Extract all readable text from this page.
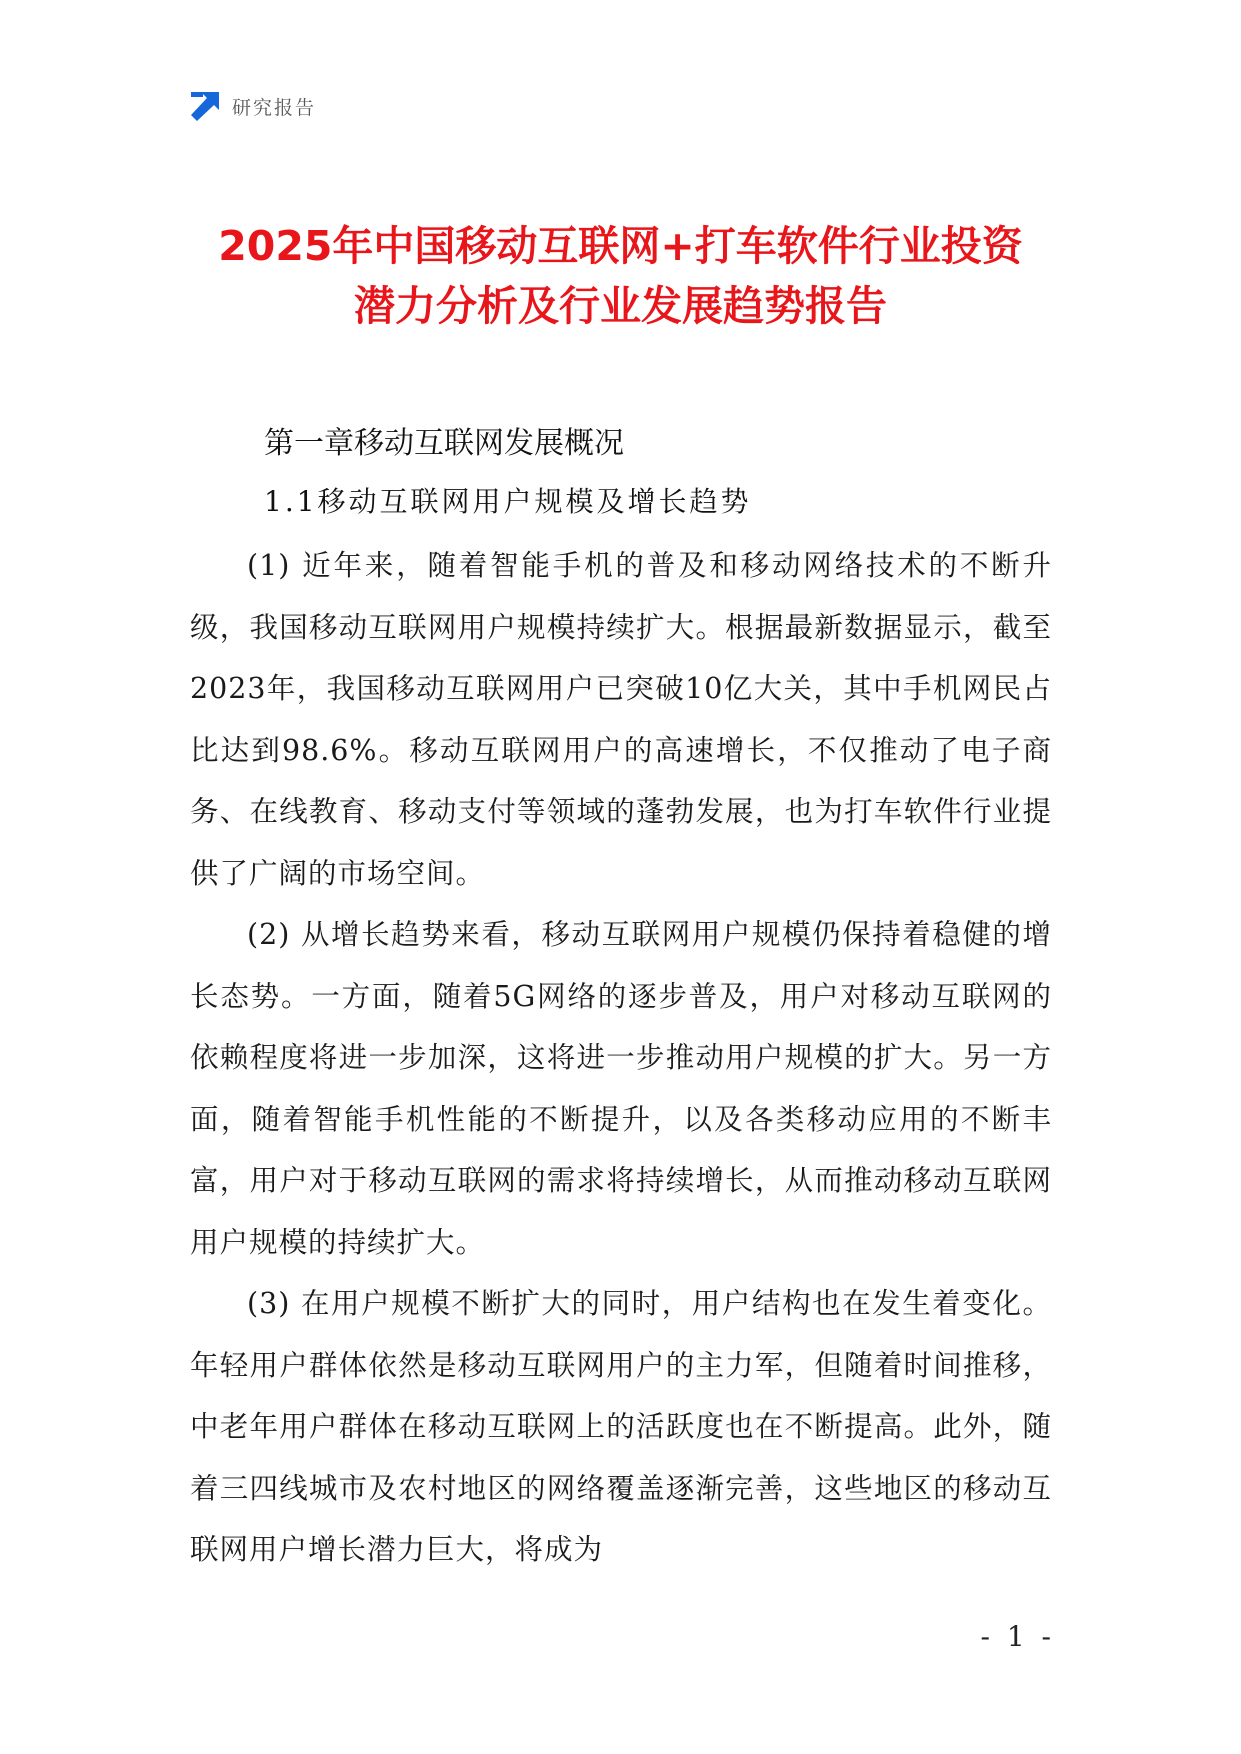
研究报告
2025年中国移动互联网+打车软件行业投资
潜力分析及行业发展趋势报告
第一章移动互联网发展概况
1.1移动互联网用户规模及增长趋势

(1) 近年来，随着智能手机的普及和移动网络技术的不断升级，我国移动互联网用户规模持续扩大。根据最新数据显示，截至2023年，我国移动互联网用户已突破10亿大关，其中手机网民占比达到98.6%。移动互联网用户的高速增长，不仅推动了电子商务、在线教育、移动支付等领域的蓬勃发展，也为打车软件行业提供了广阔的市场空间。

(2) 从增长趋势来看，移动互联网用户规模仍保持着稳健的增长态势。一方面，随着5G网络的逐步普及，用户对移动互联网的依赖程度将进一步加深，这将进一步推动用户规模的扩大。另一方面，随着智能手机性能的不断提升，以及各类移动应用的不断丰富，用户对于移动互联网的需求将持续增长，从而推动移动互联网用户规模的持续扩大。

(3) 在用户规模不断扩大的同时，用户结构也在发生着变化。年轻用户群体依然是移动互联网用户的主力军，但随着时间推移，中老年用户群体在移动互联网上的活跃度也在不断提高。此外，随着三四线城市及农村地区的网络覆盖逐渐完善，这些地区的移动互联网用户增长潜力巨大，将成为

- 1 -
